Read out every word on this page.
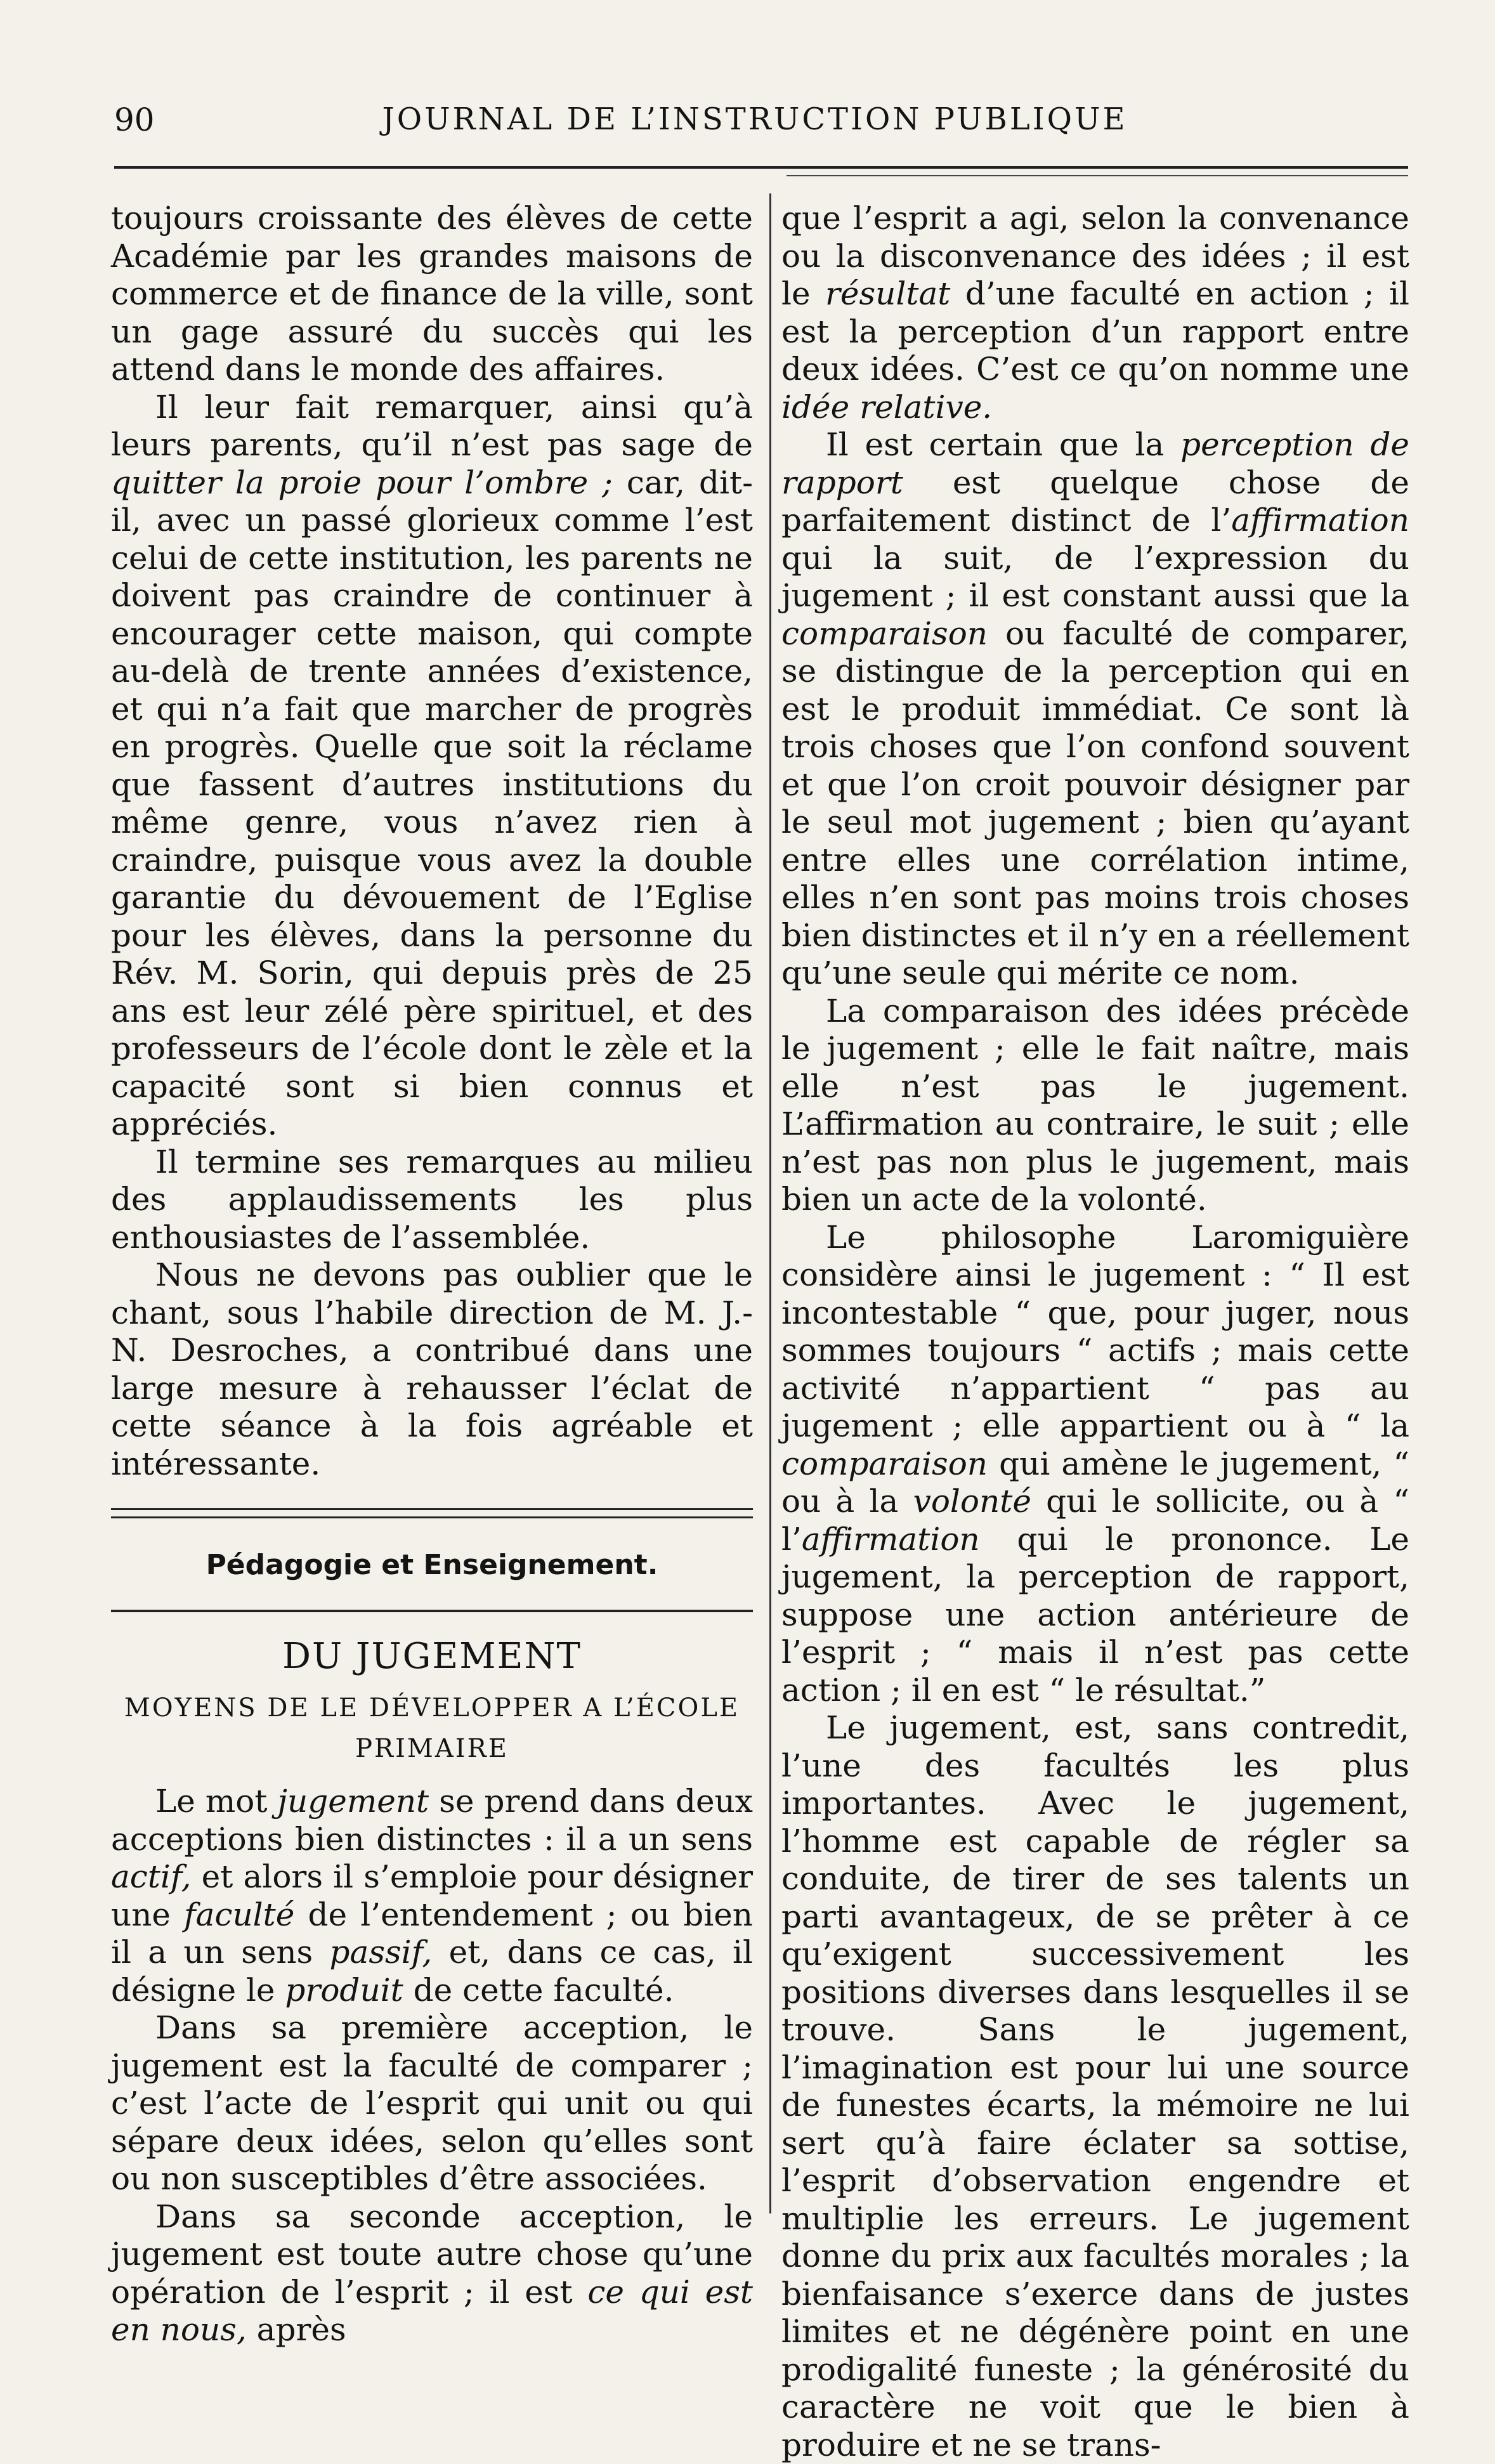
90	JOURNAL DE L’INSTRUCTION PUBLIQUE

toujours croissante des élèves de cette Académie par les grandes maisons de commerce et de finance de la ville, sont un gage assuré du succès qui les attend dans le monde des affaires.

Il leur fait remarquer, ainsi qu’à leurs parents, qu’il n’est pas sage de quitter la proie pour l’ombre ; car, dit-il, avec un passé glorieux comme l’est celui de cette institution, les parents ne doivent pas craindre de continuer à encourager cette maison, qui compte au-delà de trente années d’existence, et qui n’a fait que marcher de progrès en progrès. Quelle que soit la réclame que fassent d’autres institutions du même genre, vous n’avez rien à craindre, puisque vous avez la double garantie du dévouement de l’Eglise pour les élèves, dans la personne du Rév. M. Sorin, qui depuis près de 25 ans est leur zélé père spirituel, et des professeurs de l’école dont le zèle et la capacité sont si bien connus et appréciés.

Il termine ses remarques au milieu des applaudissements les plus enthousiastes de l’assemblée.

Nous ne devons pas oublier que le chant, sous l’habile direction de M. J.-N. Desroches, a contribué dans une large mesure à rehausser l’éclat de cette séance à la fois agréable et intéressante.

Pédagogie et Enseignement.
DU JUGEMENT
MOYENS DE LE DÉVELOPPER A L’ÉCOLE PRIMAIRE

Le mot jugement se prend dans deux acceptions bien distinctes : il a un sens actif, et alors il s’emploie pour désigner une faculté de l’entendement ; ou bien il a un sens passif, et, dans ce cas, il désigne le produit de cette faculté.

Dans sa première acception, le jugement est la faculté de comparer ; c’est l’acte de l’esprit qui unit ou qui sépare deux idées, selon qu’elles sont ou non susceptibles d’être associées.

Dans sa seconde acception, le jugement est toute autre chose qu’une opération de l’esprit ; il est ce qui est en nous, après

que l’esprit a agi, selon la convenance ou la disconvenance des idées ; il est le résultat d’une faculté en action ; il est la perception d’un rapport entre deux idées. C’est ce qu’on nomme une idée relative.

Il est certain que la perception de rapport est quelque chose de parfaitement distinct de l’affirmation qui la suit, de l’expression du jugement ; il est constant aussi que la comparaison ou faculté de comparer, se distingue de la perception qui en est le produit immédiat. Ce sont là trois choses que l’on confond souvent et que l’on croit pouvoir désigner par le seul mot jugement ; bien qu’ayant entre elles une corrélation intime, elles n’en sont pas moins trois choses bien distinctes et il n’y en a réellement qu’une seule qui mérite ce nom.

La comparaison des idées précède le jugement ; elle le fait naître, mais elle n’est pas le jugement. L’affirmation au contraire, le suit ; elle n’est pas non plus le jugement, mais bien un acte de la volonté.

Le philosophe Laromiguière considère ainsi le jugement : “ Il est incontestable “ que, pour juger, nous sommes toujours “ actifs ; mais cette activité n’appartient “ pas au jugement ; elle appartient ou à “ la comparaison qui amène le jugement, “ ou à la volonté qui le sollicite, ou à “ l’affirmation qui le prononce. Le jugement, la perception de rapport, suppose une action antérieure de l’esprit ; “ mais il n’est pas cette action ; il en est “ le résultat.”

Le jugement, est, sans contredit, l’une des facultés les plus importantes. Avec le jugement, l’homme est capable de régler sa conduite, de tirer de ses talents un parti avantageux, de se prêter à ce qu’exigent successivement les positions diverses dans lesquelles il se trouve. Sans le jugement, l’imagination est pour lui une source de funestes écarts, la mémoire ne lui sert qu’à faire éclater sa sottise, l’esprit d’observation engendre et multiplie les erreurs. Le jugement donne du prix aux facultés morales ; la bienfaisance s’exerce dans de justes limites et ne dégénère point en une prodigalité funeste ; la générosité du caractère ne voit que le bien à produire et ne se trans-
